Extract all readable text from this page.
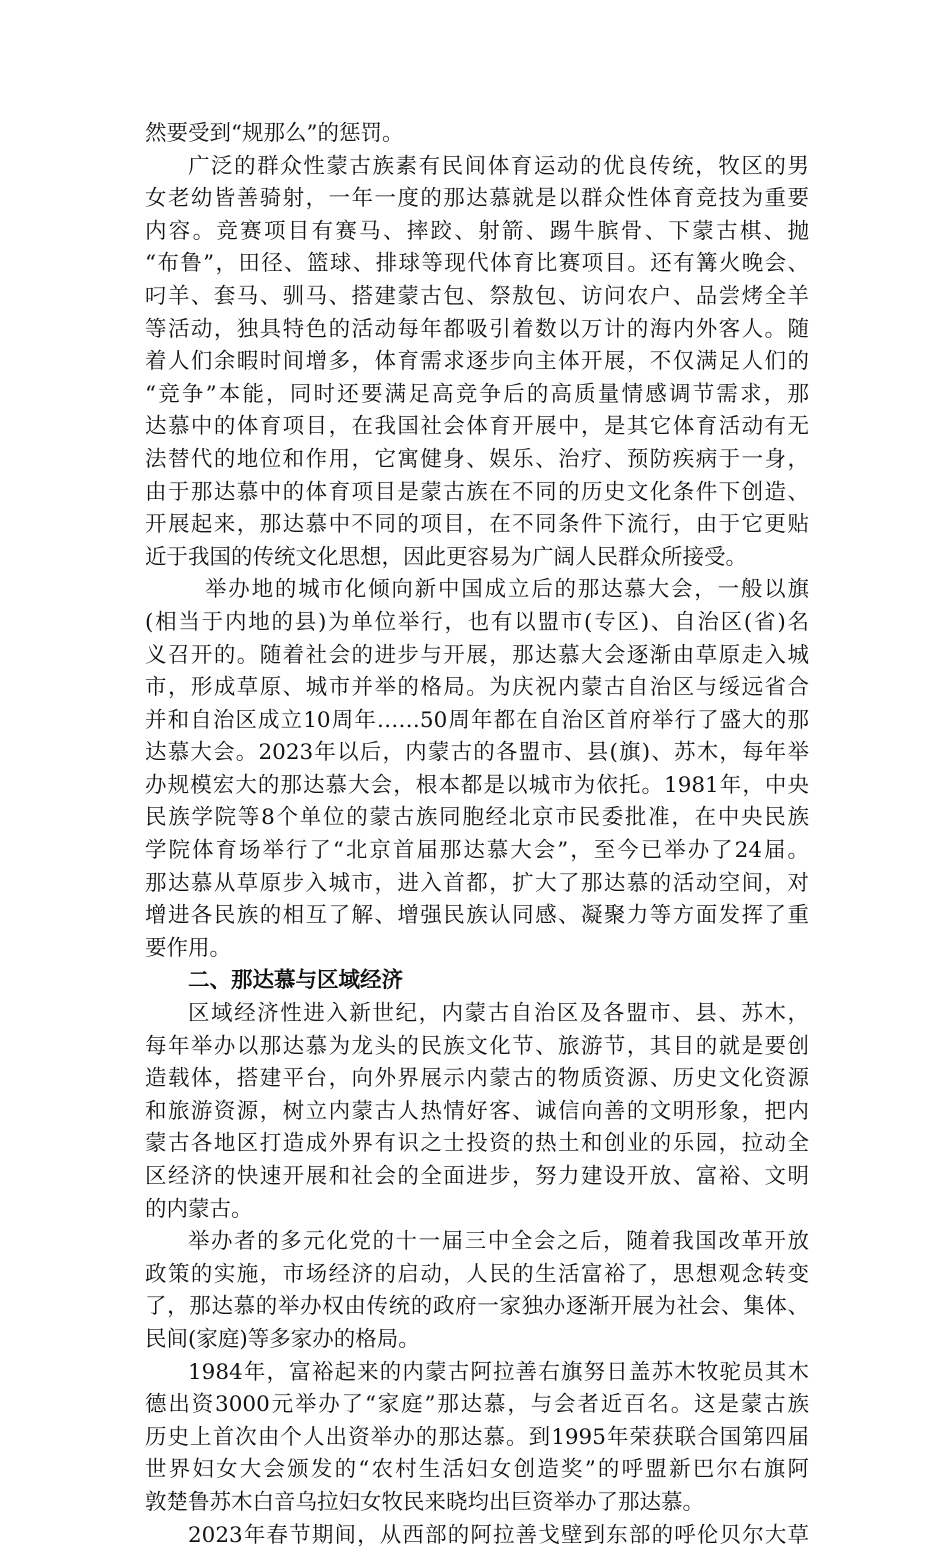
然要受到“规那么”的惩罚。
广泛的群众性蒙古族素有民间体育运动的优良传统，牧区的男
女老幼皆善骑射，一年一度的那达慕就是以群众性体育竞技为重要
内容。竞赛项目有赛马、摔跤、射箭、踢牛膑骨、下蒙古棋、抛
“布鲁”，田径、篮球、排球等现代体育比赛项目。还有篝火晚会、
叼羊、套马、驯马、搭建蒙古包、祭敖包、访问农户、品尝烤全羊
等活动，独具特色的活动每年都吸引着数以万计的海内外客人。随
着人们余暇时间增多，体育需求逐步向主体开展，不仅满足人们的
“竞争”本能，同时还要满足高竞争后的高质量情感调节需求，那
达慕中的体育项目，在我国社会体育开展中，是其它体育活动有无
法替代的地位和作用，它寓健身、娱乐、治疗、预防疾病于一身，
由于那达慕中的体育项目是蒙古族在不同的历史文化条件下创造、
开展起来，那达慕中不同的项目，在不同条件下流行，由于它更贴
近于我国的传统文化思想，因此更容易为广阔人民群众所接受。
举办地的城市化倾向新中国成立后的那达慕大会，一般以旗
(相当于内地的县)为单位举行，也有以盟市(专区)、自治区(省)名
义召开的。随着社会的进步与开展，那达慕大会逐渐由草原走入城
市，形成草原、城市并举的格局。为庆祝内蒙古自治区与绥远省合
并和自治区成立10周年……50周年都在自治区首府举行了盛大的那
达慕大会。2023年以后，内蒙古的各盟市、县(旗)、苏木，每年举
办规模宏大的那达慕大会，根本都是以城市为依托。1981年，中央
民族学院等8个单位的蒙古族同胞经北京市民委批准，在中央民族
学院体育场举行了“北京首届那达慕大会”，至今已举办了24届。
那达慕从草原步入城市，进入首都，扩大了那达慕的活动空间，对
增进各民族的相互了解、增强民族认同感、凝聚力等方面发挥了重
要作用。
二、那达慕与区域经济
区域经济性进入新世纪，内蒙古自治区及各盟市、县、苏木，
每年举办以那达慕为龙头的民族文化节、旅游节，其目的就是要创
造载体，搭建平台，向外界展示内蒙古的物质资源、历史文化资源
和旅游资源，树立内蒙古人热情好客、诚信向善的文明形象，把内
蒙古各地区打造成外界有识之士投资的热土和创业的乐园，拉动全
区经济的快速开展和社会的全面进步，努力建设开放、富裕、文明
的内蒙古。
举办者的多元化党的十一届三中全会之后，随着我国改革开放
政策的实施，市场经济的启动，人民的生活富裕了，思想观念转变
了，那达慕的举办权由传统的政府一家独办逐渐开展为社会、集体、
民间(家庭)等多家办的格局。
1984年，富裕起来的内蒙古阿拉善右旗努日盖苏木牧驼员其木
德出资3000元举办了“家庭”那达慕，与会者近百名。这是蒙古族
历史上首次由个人出资举办的那达慕。到1995年荣获联合国第四届
世界妇女大会颁发的“农村生活妇女创造奖”的呼盟新巴尔右旗阿
敦楚鲁苏木白音乌拉妇女牧民来晓均出巨资举办了那达慕。
2023年春节期间，从西部的阿拉善戈壁到东部的呼伦贝尔大草
